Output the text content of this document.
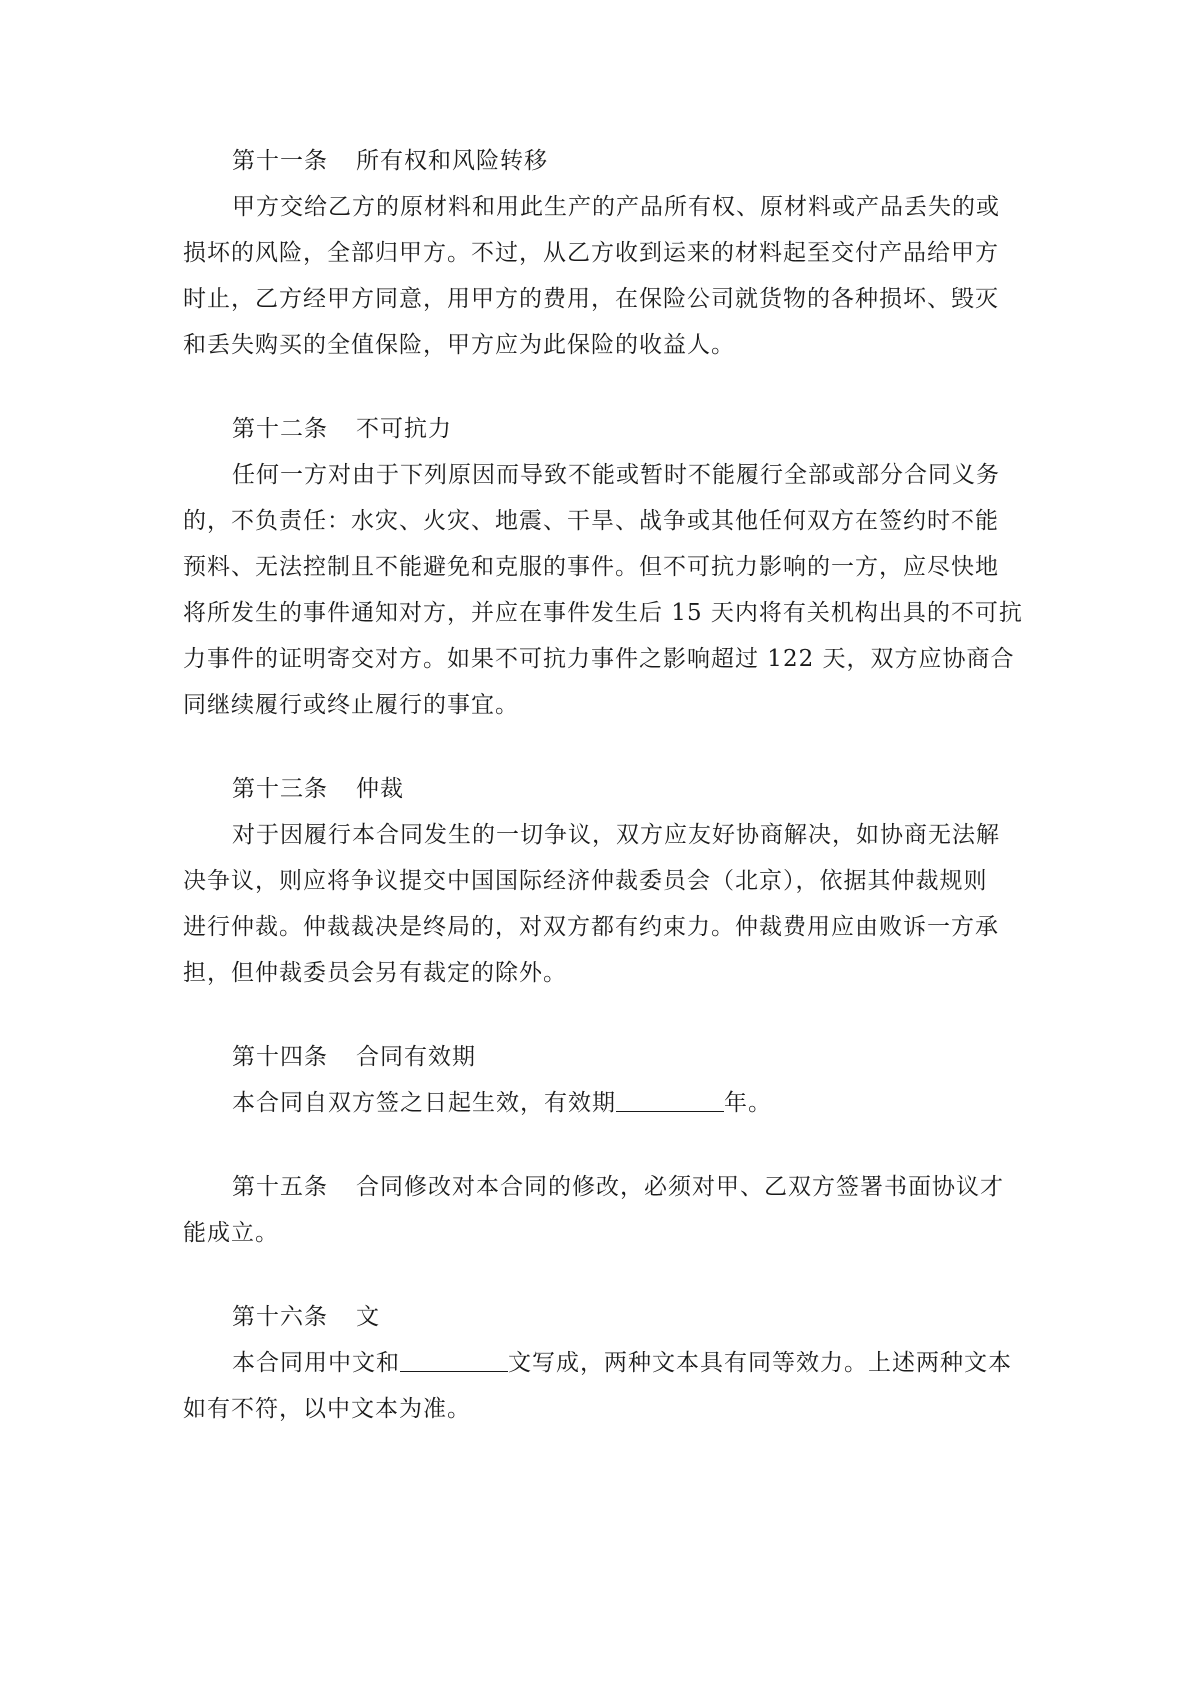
第十一条 所有权和风险转移
甲方交给乙方的原材料和用此生产的产品所有权、原材料或产品丢失的或
损坏的风险，全部归甲方。不过，从乙方收到运来的材料起至交付产品给甲方
时止，乙方经甲方同意，用甲方的费用，在保险公司就货物的各种损坏、毁灭
和丢失购买的全值保险，甲方应为此保险的收益人。
第十二条 不可抗力
任何一方对由于下列原因而导致不能或暂时不能履行全部或部分合同义务
的，不负责任：水灾、火灾、地震、干旱、战争或其他任何双方在签约时不能
预料、无法控制且不能避免和克服的事件。但不可抗力影响的一方，应尽快地
将所发生的事件通知对方，并应在事件发生后 15 天内将有关机构出具的不可抗
力事件的证明寄交对方。如果不可抗力事件之影响超过 122 天，双方应协商合
同继续履行或终止履行的事宜。
第十三条 仲裁
对于因履行本合同发生的一切争议，双方应友好协商解决，如协商无法解
决争议，则应将争议提交中国国际经济仲裁委员会（北京），依据其仲裁规则
进行仲裁。仲裁裁决是终局的，对双方都有约束力。仲裁费用应由败诉一方承
担，但仲裁委员会另有裁定的除外。
第十四条 合同有效期
本合同自双方签之日起生效，有效期	年。
第十五条 合同修改对本合同的修改，必须对甲、乙双方签署书面协议才
能成立。
第十六条 文
本合同用中文和	文写成，两种文本具有同等效力。上述两种文本
如有不符，以中文本为准。
